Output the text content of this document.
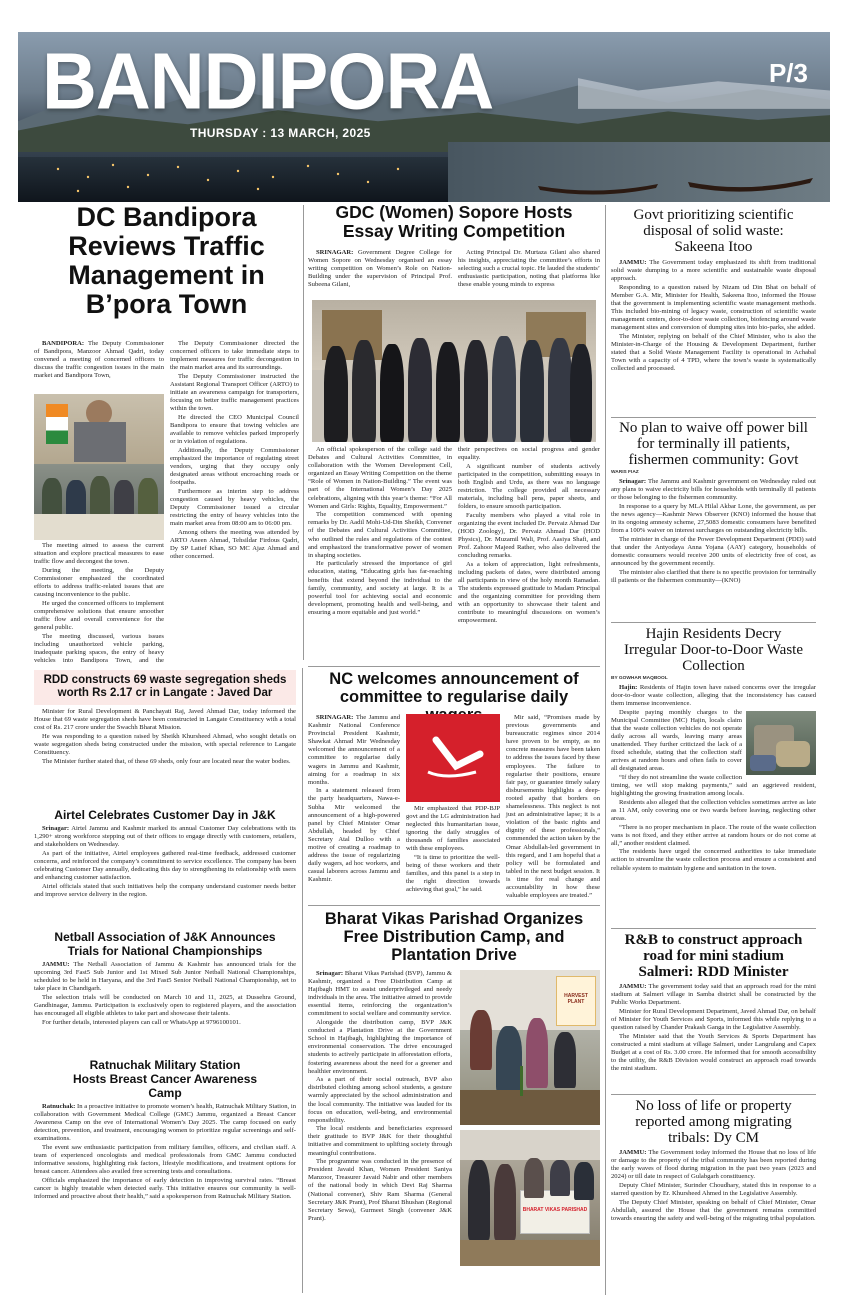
BANDIPORA	P/3
THURSDAY : 13 MARCH, 2025
DC Bandipora Reviews Traffic Management in B’pora Town

BANDIPORA: The Deputy Commissioner of Bandipora, Manzoor Ahmad Qadri, today convened a meeting of concerned officers to discuss the traffic congestion issues in the main market and Bandipora Town,

The meeting aimed to assess the current situation and explore practical measures to ease traffic flow and decongest the town.

During the meeting, the Deputy Commissioner emphasized the coordinated efforts to address traffic-related issues that are causing inconvenience to the public.

He urged the concerned officers to implement comprehensive solutions that ensure smoother traffic flow and overall convenience for the general public.

The meeting discussed, various issues including unauthorized vehicle parking, inadequate parking spaces, the entry of heavy vehicles into Bandipora Town, and the

The Deputy Commissioner directed the concerned officers to take immediate steps to implement measures for traffic decongestion in the main market area and its surroundings.

The Deputy Commissioner instructed the Assistant Regional Transport Officer (ARTO) to initiate an awareness campaign for transporters, focusing on better traffic management practices within the town.

He directed the CEO Municipal Council Bandipora to ensure that towing vehicles are available to remove vehicles parked improperly or in violation of regulations.

Additionally, the Deputy Commissioner emphasized the importance of regulating street vendors, urging that they occupy only designated areas without encroaching roads or footpaths.

Furthermore as interim step to address congestion caused by heavy vehicles, the Deputy Commissioner issued a circular restricting the entry of heavy vehicles into the main market area from 08:00 am to 06:00 pm.

Among others the meeting was attended by ARTO Aneen Ahmad, Tehsildar Firdous Qadri, Dy SP Latief Khan, SO MC Ajaz Ahmad and other concerned.

GDC (Women) Sopore Hosts Essay Writing Competition

SRINAGAR: Government Degree College for Women Sopore on Wednesday organised an essay writing competition on Women’s Role on Nation-Building under the supervision of Principal Prof. Subeena Gilani,

Acting Principal Dr. Murtaza Gilani also shared his insights, appreciating the committee’s efforts in selecting such a crucial topic. He lauded the students’ enthusiastic participation, noting that platforms like these enable young minds to express

An official spokesperson of the college said the Debates and Cultural Activities Committee, in collaboration with the Women Development Cell, organized an Essay Writing Competition on the theme “Role of Women in Nation-Building.” The event was part of the International Women’s Day 2025 celebrations, aligning with this year’s theme: “For All Women and Girls: Rights, Equality, Empowerment.”

The competition commenced with opening remarks by Dr. Aadil Mohi-Ud-Din Sheikh, Convener of the Debates and Cultural Activities Committee, who outlined the rules and regulations of the contest and emphasized the transformative power of women in shaping societies.

He particularly stressed the importance of girl education, stating, “Educating girls has far-reaching benefits that extend beyond the individual to the family, community, and society at large. It is a powerful tool for achieving social and economic development, promoting health and well-being, and ensuring a more equitable and just world.”

their perspectives on social progress and gender equality.

A significant number of students actively participated in the competition, submitting essays in both English and Urdu, as there was no language restriction. The college provided all necessary materials, including ball pens, paper sheets, and folders, to ensure smooth participation.

Faculty members who played a vital role in organizing the event included Dr. Pervaiz Ahmad Dar (HOD Zoology), Dr. Pervaiz Ahmad Dar (HOD Physics), Dr. Muzamil Wali, Prof. Aasiya Shafi, and Prof. Zahoor Majeed Rather, who also delivered the concluding remarks.

As a token of appreciation, light refreshments, including packets of dates, were distributed among all participants in view of the holy month Ramadan. The students expressed gratitude to Madam Principal and the organizing committee for providing them with an opportunity to showcase their talent and contribute to meaningful discussions on women’s empowerment.

Govt prioritizing scientific disposal of solid waste: Sakeena Itoo

JAMMU: The Government today emphasized its shift from traditional solid waste dumping to a more scientific and sustainable waste disposal approach.

Responding to a question raised by Nizam ud Din Bhat on behalf of Member G.A. Mir, Minister for Health, Sakeena Itoo, informed the House that the government is implementing scientific waste management methods. This included bio-mining of legacy waste, construction of scientific waste management centers, door-to-door waste collection, biofencing around waste management sites and conversion of dumping sites into bio-parks, she added.

The Minister, replying on behalf of the Chief Minister, who is also the Minister-in-Charge of the Housing & Development Department, further stated that a Solid Waste Management Facility is operational in Achabal Town with a capacity of 4 TPD, where the town’s waste is systematically collected and processed.

No plan to waive off power bill for terminally ill patients, fishermen community: Govt
WARIS FIAZ

Srinagar: The Jammu and Kashmir government on Wednesday ruled out any plans to waive electricity bills for households with terminally ill patients or those belonging to the fishermen community.

In response to a query by MLA Hilal Akbar Lone, the government, as per the news agency—Kashmir News Observer (KNO) informed the house that in its ongoing amnesty scheme, 27,5083 domestic consumers have benefited from a 100% waiver on interest surcharges on outstanding electricity bills.

The minister in charge of the Power Development Department (PDD) said that under the Antyodaya Anna Yojana (AAY) category, households of domestic consumers would receive 200 units of electricity free of cost, as announced by the government recently.

The minister also clarified that there is no specific provision for terminally ill patients or the fishermen community—(KNO)

Hajin Residents Decry Irregular Door-to-Door Waste Collection
BY GOWHAR MAQBOOL

Hajin: Residents of Hajin town have raised concerns over the irregular door-to-door waste collection, alleging that the inconsistency has caused them immense inconvenience.

Despite paying monthly charges to the Municipal Committee (MC) Hajin, locals claim that the waste collection vehicles do not operate daily across all wards, leaving many areas unattended. They further criticized the lack of a fixed schedule, stating that the collection staff arrives at random hours and often fails to cover all designated areas.

“If they do not streamline the waste collection timing, we will stop making payments,” said an aggrieved resident, highlighting the growing frustration among locals.

Residents also alleged that the collection vehicles sometimes arrive as late as 11 AM, only covering one or two wards before leaving, neglecting other areas.

“There is no proper mechanism in place. The route of the waste collection vans is not fixed, and they either arrive at random hours or do not come at all,” another resident claimed.

The residents have urged the concerned authorities to take immediate action to streamline the waste collection process and ensure a consistent and reliable system to maintain hygiene and sanitation in the town.

R&B to construct approach road for mini stadium Salmeri: RDD Minister

JAMMU: The government today said that an approach road for the mini stadium at Salmeri village in Samba district shall be constructed by the Public Works Department.

Minister for Rural Development Department, Javed Ahmad Dar, on behalf of Minister for Youth Services and Sports, informed this while replying to a question raised by Chander Prakash Ganga in the Legislative Assembly.

The Minister said that the Youth Services & Sports Department has constructed a mini stadium at village Salmeri, under Langrulang and Capex Budget at a cost of Rs. 3.00 crore. He informed that for smooth accessibility to the utility, the R&B Division would construct an approach road towards the mini stadium.

No loss of life or property reported among migrating tribals: Dy CM

JAMMU: The Government today informed the House that no loss of life or damage to the property of the tribal community has been reported during the early waves of flood during migration in the past two years (2023 and 2024) or till date in respect of Gulabgarh constituency.

Deputy Chief Minister, Surinder Choudhary, stated this in response to a starred question by Er. Khursheed Ahmed in the Legislative Assembly.

The Deputy Chief Minister, speaking on behalf of Chief Minister, Omar Abdullah, assured the House that the government remains committed towards ensuring the safety and well-being of the migrating tribal population.

RDD constructs 69 waste segregation sheds worth Rs 2.17 cr in Langate : Javed Dar

Minister for Rural Development & Panchayati Raj, Javed Ahmad Dar, today informed the House that 69 waste segregation sheds have been constructed in Langate Constituency with a total cost of Rs. 217 crore under the Swachh Bharat Mission.

He was responding to a question raised by Sheikh Khursheed Ahmad, who sought details on waste segregation sheds being constructed under the mission, with special reference to Langate Constituency.

The Minister further stated that, of these 69 sheds, only four are located near the water bodies.

Airtel Celebrates Customer Day in J&K

Srinagar: Airtel Jammu and Kashmir marked its annual Customer Day celebrations with its 1,290+ strong workforce stepping out of their offices to engage directly with customers, retailers, and stakeholders on Wednesday.

As part of the initiative, Airtel employees gathered real-time feedback, addressed customer concerns, and reinforced the company’s commitment to service excellence. The company has been celebrating Customer Day annually, dedicating this day to strengthening its relationship with users and enhancing customer satisfaction.

Airtel officials stated that such initiatives help the company understand customer needs better and improve service delivery in the region.

Netball Association of J&K Announces Trials for National Championships

JAMMU: The Netball Association of Jammu & Kashmir has announced trials for the upcoming 3rd Fast5 Sub Junior and 1st Mixed Sub Junior Netball National Championships, scheduled to be held in Haryana, and the 3rd Fast5 Senior Netball National Championship, set to take place in Chandigarh.

The selection trials will be conducted on March 10 and 11, 2025, at Dussehra Ground, Gandhinagar, Jammu. Participation is exclusively open to registered players, and the association has encouraged all eligible athletes to take part and showcase their talents.

For further details, interested players can call or WhatsApp at 9796100101.

Ratnuchak Military Station Hosts Breast Cancer Awareness Camp

Ratnuchak: In a proactive initiative to promote women’s health, Ratnuchak Military Station, in collaboration with Government Medical College (GMC) Jammu, organized a Breast Cancer Awareness Camp on the eve of International Women’s Day 2025. The camp focused on early detection, prevention, and treatment, encouraging women to prioritize regular screenings and self-examinations.

The event saw enthusiastic participation from military families, officers, and civilian staff. A team of experienced oncologists and medical professionals from GMC Jammu conducted informative sessions, highlighting risk factors, lifestyle modifications, and treatment options for breast cancer. Attendees also availed free screening tests and consultations.

Officials emphasized the importance of early detection in improving survival rates. “Breast cancer is highly treatable when detected early. This initiative ensures our community is well-informed and proactive about their health,” said a spokesperson from Ratnuchak Military Station.

NC welcomes announcement of committee to regularise daily

SRINAGAR: The Jammu and Kashmir National Conference Provincial President Kashmir, Shawkat Ahmad Mir Wednesday welcomed the announcement of a committee to regularise daily wagers in Jammu and Kashmir, aiming for a roadmap in six months.

In a statement released from the party headquarters, Nawa-e-Subha Mir welcomed the announcement of a high-powered panel by Chief Minister Omar Abdullah, headed by Chief Secretary Atal Dulloo with a motive of creating a roadmap to address the issue of regularizing daily wagers, ad hoc workers, and casual laborers across Jammu and Kashmir.

Mir emphasized that PDP-BJP govt and the LG administration had neglected this humanitarian issue, ignoring the daily struggles of thousands of families associated with these employees.

“It is time to prioritize the well-being of these workers and their families, and this panel is a step in the right direction towards achieving that goal,” he said.

Mir said, “Promises made by previous governments and bureaucratic regimes since 2014 have proven to be empty, as no concrete measures have been taken to address the issues faced by these employees. The failure to regularise their positions, ensure fair pay, or guarantee timely salary disbursements highlights a deep-rooted apathy that borders on shamelessness. This neglect is not just an administrative lapse; it is a violation of the basic rights and dignity of these professionals,” commended the action taken by the Omar Abdullah-led government in this regard, and I am hopeful that a policy will be formulated and tabled in the next budget session. It is time for real change and accountability in how these valuable employees are treated.”

Bharat Vikas Parishad Organizes Free Distribution Camp, and Plantation Drive

Srinagar: Bharat Vikas Parishad (BVP), Jammu & Kashmir, organized a Free Distribution Camp at Hajibagh HMT to assist underprivileged and needy individuals in the area. The initiative aimed to provide essential items, reinforcing the organization’s commitment to social welfare and community service.

Alongside the distribution camp, BVP J&K conducted a Plantation Drive at the Government School in Hajibagh, highlighting the importance of environmental conservation. The drive encouraged students to actively participate in afforestation efforts, fostering awareness about the need for a greener and healthier environment.

As a part of their social outreach, BVP also distributed clothing among school students, a gesture warmly appreciated by the school administration and the local community. The initiative was lauded for its focus on education, well-being, and environmental responsibility.

The local residents and beneficiaries expressed their gratitude to BVP J&K for their thoughtful initiative and commitment to uplifting society through meaningful contributions.

The programme was conducted in the presence of President Javaid Khan, Women President Saniya Manzoor, Treasurer Javaid Nabir and other members of the national body in which Devi Raj Sharma (National convener), Shiv Ram Sharma (General Secretary J&K Prant), Prof Bharat Bhushan (Regional Secretary Sewa), Gurmeet Singh (convener J&K Prant).

HARVEST PLANT
BHARAT VIKAS PARISHAD
